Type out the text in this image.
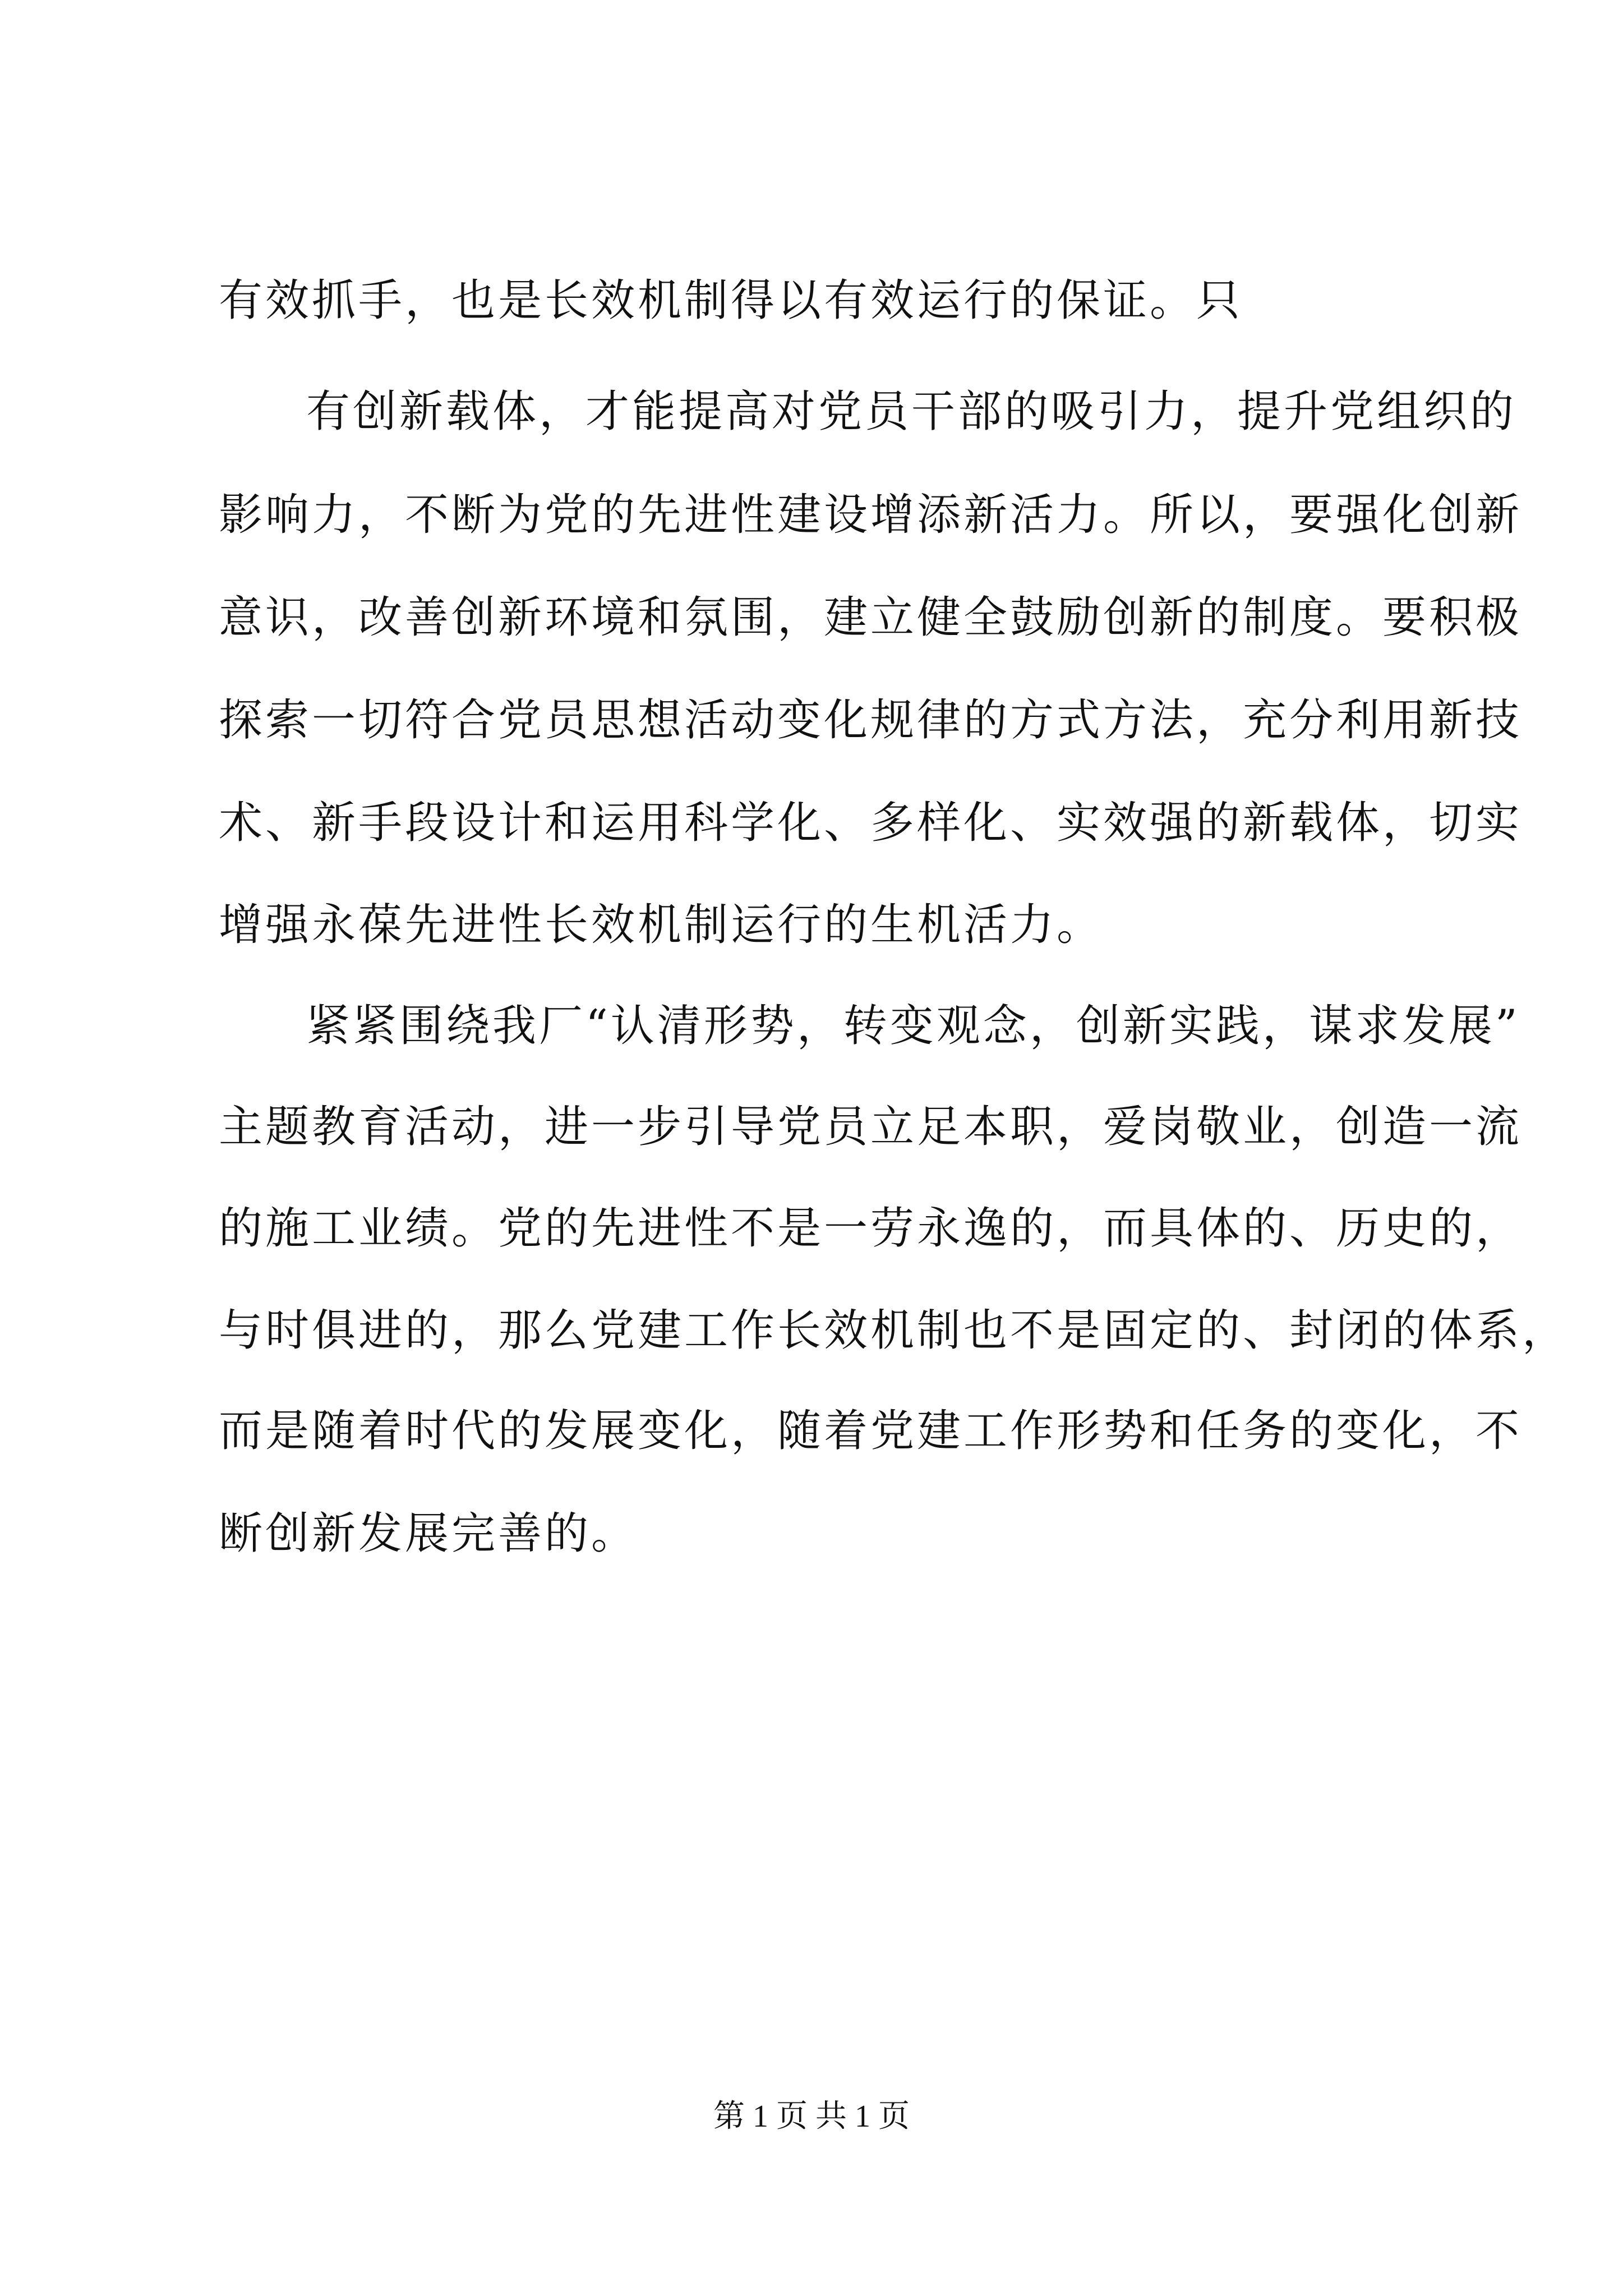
有效抓手，也是长效机制得以有效运行的保证。只
有创新载体，才能提高对党员干部的吸引力，提升党组织的
影响力，不断为党的先进性建设增添新活力。所以，要强化创新
意识，改善创新环境和氛围，建立健全鼓励创新的制度。要积极
探索一切符合党员思想活动变化规律的方式方法，充分利用新技
术、新手段设计和运用科学化、多样化、实效强的新载体，切实
增强永葆先进性长效机制运行的生机活力。
紧紧围绕我厂“认清形势，转变观念，创新实践，谋求发展”
主题教育活动，进一步引导党员立足本职，爱岗敬业，创造一流
的施工业绩。党的先进性不是一劳永逸的，而具体的、历史的，
与时俱进的，那么党建工作长效机制也不是固定的、封闭的体系，
而是随着时代的发展变化，随着党建工作形势和任务的变化，不
断创新发展完善的。
第 1 页 共 1 页
